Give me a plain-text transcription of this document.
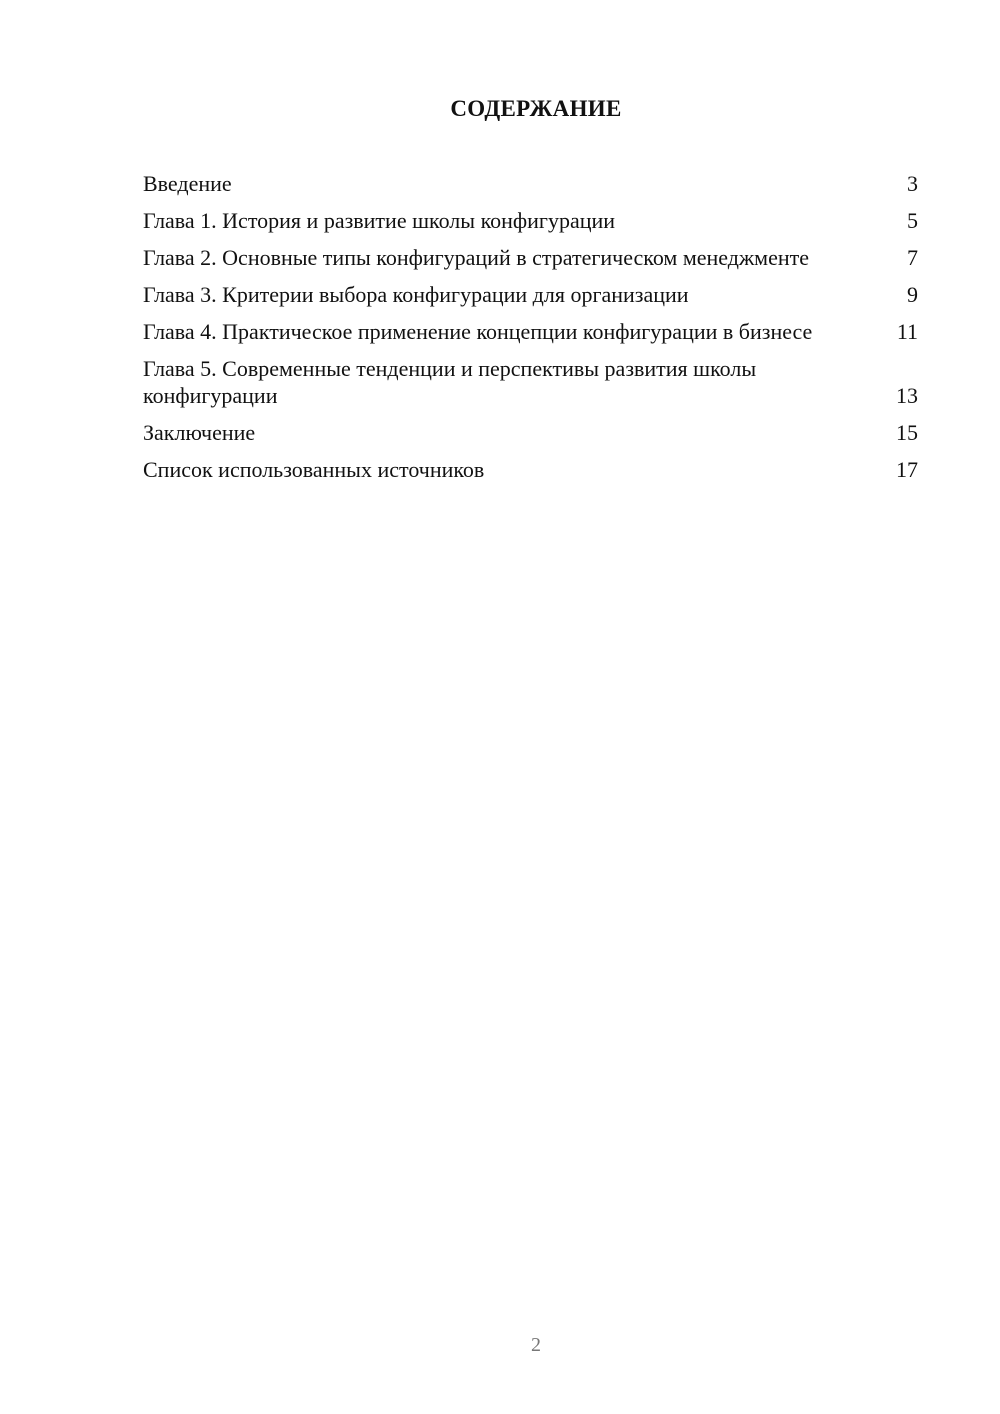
СОДЕРЖАНИЕ
Введение	3
Глава 1. История и развитие школы конфигурации	5
Глава 2. Основные типы конфигураций в стратегическом менеджменте	7
Глава 3. Критерии выбора конфигурации для организации	9
Глава 4. Практическое применение концепции конфигурации в бизнесе	11
Глава 5. Современные тенденции и перспективы развития школы конфигурации	13
Заключение	15
Список использованных источников	17
2
